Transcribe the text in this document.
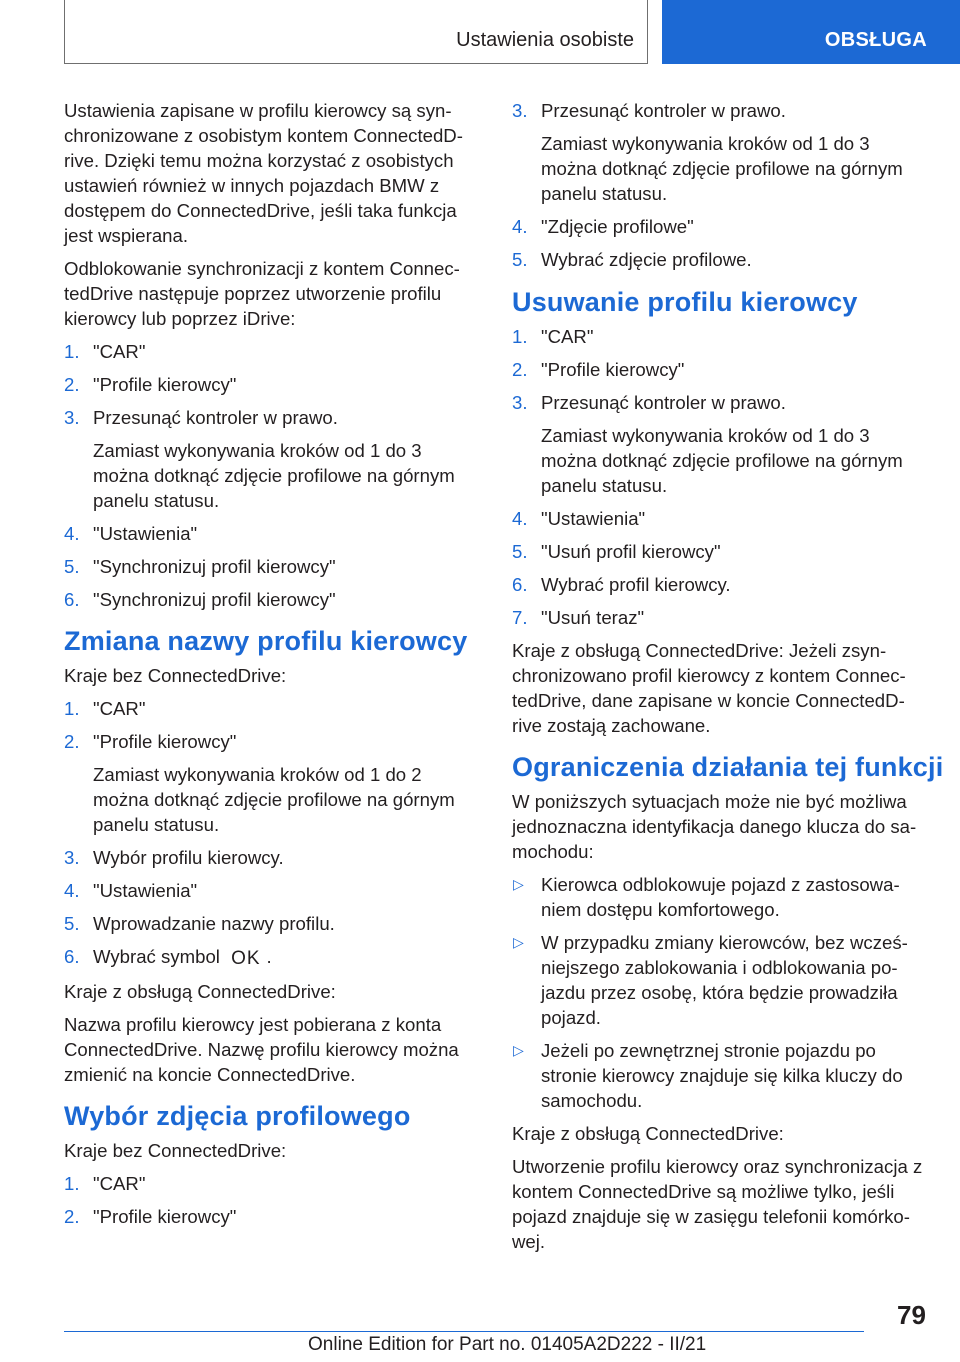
Ustawienia osobiste	OBSŁUGA

Ustawienia zapisane w profilu kierowcy są synchronizowane z osobistym kontem ConnectedDrive. Dzięki temu można korzystać z osobistych ustawień również w innych pojazdach BMW z dostępem do ConnectedDrive, jeśli taka funkcja jest wspierana.

Odblokowanie synchronizacji z kontem ConnectedDrive następuje poprzez utworzenie profilu kierowcy lub poprzez iDrive:

1. "CAR"
2. "Profile kierowcy"
3. Przesunąć kontroler w prawo.
Zamiast wykonywania kroków od 1 do 3 można dotknąć zdjęcie profilowe na górnym panelu statusu.
4. "Ustawienia"
5. "Synchronizuj profil kierowcy"
6. "Synchronizuj profil kierowcy"
Zmiana nazwy profilu kierowcy

Kraje bez ConnectedDrive:

1. "CAR"
2. "Profile kierowcy"
Zamiast wykonywania kroków od 1 do 2 można dotknąć zdjęcie profilowe na górnym panelu statusu.
3. Wybór profilu kierowcy.
4. "Ustawienia"
5. Wprowadzanie nazwy profilu.
6. Wybrać symbol OK .

Kraje z obsługą ConnectedDrive:

Nazwa profilu kierowcy jest pobierana z konta ConnectedDrive. Nazwę profilu kierowcy można zmienić na koncie ConnectedDrive.

Wybór zdjęcia profilowego

Kraje bez ConnectedDrive:

1. "CAR"
2. "Profile kierowcy"
3. Przesunąć kontroler w prawo.
Zamiast wykonywania kroków od 1 do 3 można dotknąć zdjęcie profilowe na górnym panelu statusu.
4. "Zdjęcie profilowe"
5. Wybrać zdjęcie profilowe.
Usuwanie profilu kierowcy
1. "CAR"
2. "Profile kierowcy"
3. Przesunąć kontroler w prawo.
Zamiast wykonywania kroków od 1 do 3 można dotknąć zdjęcie profilowe na górnym panelu statusu.
4. "Ustawienia"
5. "Usuń profil kierowcy"
6. Wybrać profil kierowcy.
7. "Usuń teraz"

Kraje z obsługą ConnectedDrive: Jeżeli zsynchronizowano profil kierowcy z kontem ConnectedDrive, dane zapisane w koncie ConnectedDrive zostają zachowane.

Ograniczenia działania tej funkcji

W poniższych sytuacjach może nie być możliwa jednoznaczna identyfikacja danego klucza do samochodu:

▷ Kierowca odblokowuje pojazd z zastosowaniem dostępu komfortowego.
▷ W przypadku zmiany kierowców, bez wcześniejszego zablokowania i odblokowania pojazdu przez osobę, która będzie prowadziła pojazd.
▷ Jeżeli po zewnętrznej stronie pojazdu po stronie kierowcy znajduje się kilka kluczy do samochodu.

Kraje z obsługą ConnectedDrive:

Utworzenie profilu kierowcy oraz synchronizacja z kontem ConnectedDrive są możliwe tylko, jeśli pojazd znajduje się w zasięgu telefonii komórkowej.

79
Online Edition for Part no. 01405A2D222 - II/21
